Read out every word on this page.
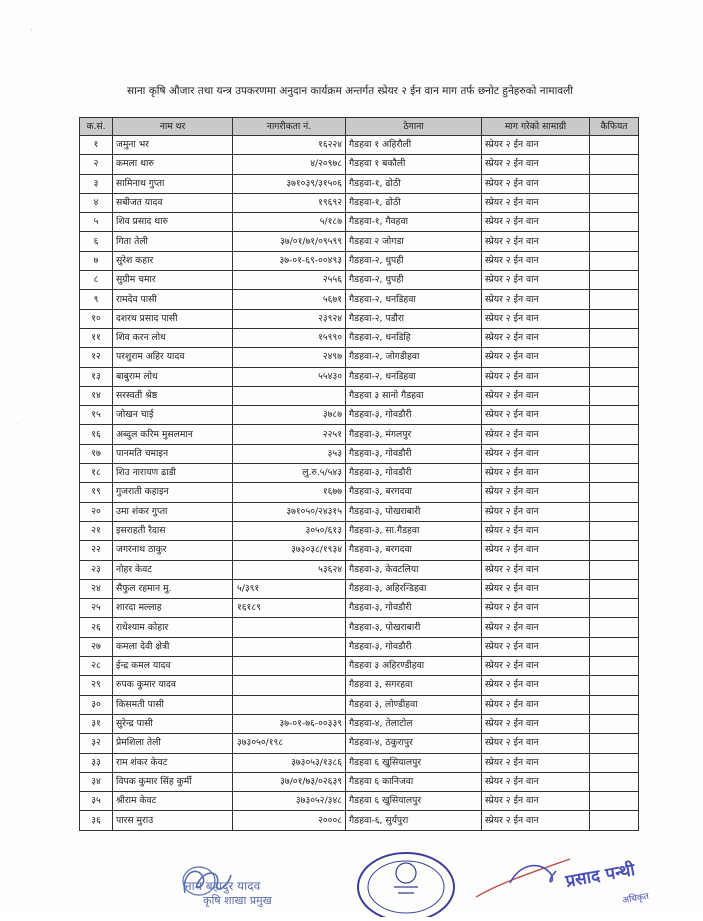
·
·
साना कृषि औजार तथा यन्त्र उपकरणमा अनुदान कार्यक्रम अन्तर्गत स्प्रेयर २ ईन वान माग तर्फ छनोट हुनेहरुको नामावली
क.सं.	नाम थर	नागरीकता नं.	ठेगाना	माग गरेको सामाग्री	कैफियत
१	जमुना भर	१६२२४	गैडहवा १ अहिरौली	स्प्रेयर २ ईन वान	
२	कमला थारु	४/२०९७८	गैडहवा १ बकौली	स्प्रेयर २ ईन वान	
३	सामिनाथ गुप्ता	३७१०३९/३१५०६	गैडहवा-१, ढोठी	स्प्रेयर २ ईन वान	
४	सबीजत यादव	१९६९२	गैडहवा-१, ढोठी	स्प्रेयर २ ईन वान	
५	शिव प्रसाद थारु	५/१८७	गैडहवा-१, गैवहवा	स्प्रेयर २ ईन वान	
६	गिता तेली	३७/०१/७१/०९५९९	गैडहवा २ जोगडा	स्प्रेयर २ ईन वान	
७	सुरेश कहार	३७-०१-६९-००४९३	गैडहवा-२, धुपही	स्प्रेयर २ ईन वान	
८	सुग्रीम चमार	२५५६	गैडहवा-२, धुपही	स्प्रेयर २ ईन वान	
९	रामदेव पासी	५६७१	गैडहवा-२, धनडिहवा	स्प्रेयर २ ईन वान	
१०	दशरथ प्रसाद पासी	२३९२४	गैडहवा-२, पडौरा	स्प्रेयर २ ईन वान	
११	शिव करन लोध	१५९९०	गैडहवा-२, धनडिहि	स्प्रेयर २ ईन वान	
१२	परशुराम अहिर यादव	२४९७	गैडहवा-२, जोगडीहवा	स्प्रेयर २ ईन वान	
१३	बाबुराम लोध	५५४३०	गैडहवा-२, धनडिहवा	स्प्रेयर २ ईन वान	
१४	सरस्वती श्रेष्ठ		गैडहवा ३ सानो गैडहवा	स्प्रेयर २ ईन वान	
१५	जोखन चाई	३७८७	गैडहवा-३, गोवडौरी	स्प्रेयर २ ईन वान	
१६	अब्दुल करिम मुसलमान	२२५१	गैडहवा-३, मंगलपुर	स्प्रेयर २ ईन वान	
१७	पानमति चमाइन	३५३	गैडहवा-३, गोवडौरी	स्प्रेयर २ ईन वान	
१८	शिउ नारायण ढाडी	लु.रु.५/५४३	गैडहवा-३, गोवडौरी	स्प्रेयर २ ईन वान	
१९	गुजराती कहाइन	१६७७	गैडहवा-३, बरगदवा	स्प्रेयर २ ईन वान	
२०	उमा शंकर गुप्ता	३७१०५०/२४३१५	गैडहवा-३, पोखराबारी	स्प्रेयर २ ईन वान	
२१	इसराहती रैदास	३०५०/६१३	गैडहवा-३, सा.गैडहवा	स्प्रेयर २ ईन वान	
२२	जगरनाथ ठाकुर	३७३०३८/१९३४	गैडहवा-३, बरगदवा	स्प्रेयर २ ईन वान	
२३	नोहर केवट	५३६२४	गैडहवा-३, केवटलिया	स्प्रेयर २ ईन वान	
२४	सैफुल रहमान मु.	५/३९१	गैडहवा-३, अहिरन्डिहवा	स्प्रेयर २ ईन वान	
२५	शारदा मल्लाह	१६१८९	गैडहवा-३, गोवडौरी	स्प्रेयर २ ईन वान	
२६	राधेश्याम कोहार		गैडहवा-३, पोखराबारी	स्प्रेयर २ ईन वान	
२७	कमला देवी क्षेत्री		गैडहवा-३, गोवडौरी	स्प्रेयर २ ईन वान	
२८	ईन्द्र कमल यादव		गैडहवा ३ अहिरण्डीहवा	स्प्रेयर २ ईन वान	
२९	रुपक कुमार यादव		गैडहवा ३, सगरहवा	स्प्रेयर २ ईन वान	
३०	किसमती पासी		गैडहवा ३, लोण्डीहवा	स्प्रेयर २ ईन वान	
३१	सुरेन्द्र पासी	३७-०१-७६-००३३९	गैडहवा-४, तेलाटोल	स्प्रेयर २ ईन वान	
३२	प्रेमशिला तेली	३७३०५०/१९८	गैडहवा-४, ठकुरापुर	स्प्रेयर २ ईन वान	
३३	राम शंकर केवट	३७३०५३/१३८६	गैडहवा ६ खुसियालपुर	स्प्रेयर २ ईन वान	
३४	विपक कुमार सिंह कुर्मी	३७/०१/७३/०२६३९	गैडहवा ६ कानिजवा	स्प्रेयर २ ईन वान	
३५	श्रीराम केवट	३७३०५२/३४८	गैडहवा ६ खुसियालपुर	स्प्रेयर २ ईन वान	
३६	पारस मुराउ	२०००८	गैडहवा-६, सुर्यपुरा	स्प्रेयर २ ईन वान	
नाम बहादुर यादव
कृषि शाखा प्रमुख
प्रसाद पन्थी
अधिकृत
